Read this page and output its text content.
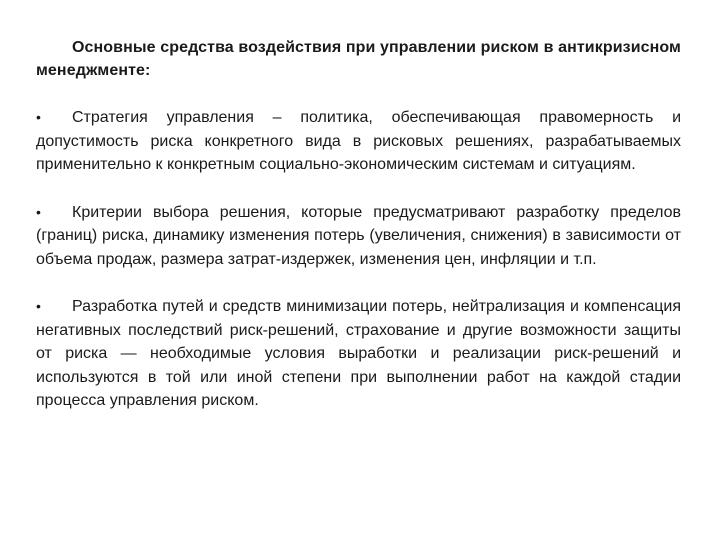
Основные средства воздействия при управлении риском в антикризисном менеджменте:

• Стратегия управления – политика, обеспечивающая правомерность и допустимость риска конкретного вида в рисковых решениях, разрабатываемых применительно к конкретным социально-экономическим системам и ситуациям.

• Критерии выбора решения, которые предусматривают разработку пределов (границ) риска, динамику изменения потерь (увеличения, снижения) в зависимости от объема продаж, размера затрат-издержек, изменения цен, инфляции и т.п.

• Разработка путей и средств минимизации потерь, нейтрализация и компенсация негативных последствий риск-решений, страхование и другие возможности защиты от риска — необходимые условия выработки и реализации риск-решений и используются в той или иной степени при выполнении работ на каждой стадии процесса управления риском.
